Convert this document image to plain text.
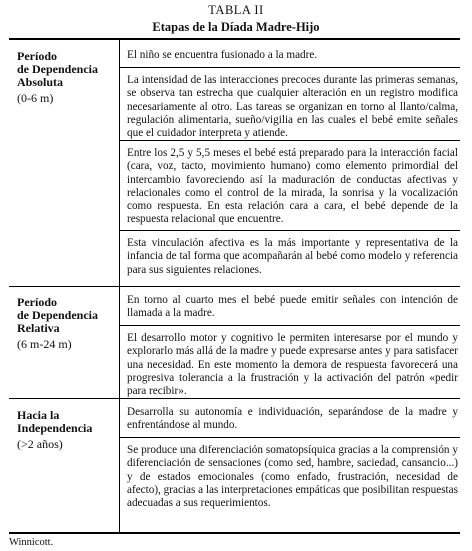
TABLA II
Etapas de la Díada Madre-Hijo
Período
de Dependencia
Absoluta
(0-6 m)

El niño se encuentra fusionado a la madre.

La intensidad de las interacciones precoces durante las primeras semanas, se observa tan estrecha que cualquier alteración en un registro modifica necesariamente al otro. Las tareas se organizan en torno al llanto/calma, regulación alimentaria, sueño/vigilia en las cuales el bebé emite señales que el cuidador interpreta y atiende.

Entre los 2,5 y 5,5 meses el bebé está preparado para la interacción facial (cara, voz, tacto, movimiento humano) como elemento primordial del intercambio favoreciendo así la maduración de conductas afectivas y relacionales como el control de la mirada, la sonrisa y la vocalización como respuesta. En esta relación cara a cara, el bebé depende de la respuesta relacional que encuentre.

Esta vinculación afectiva es la más importante y representativa de la infancia de tal forma que acompañarán al bebé como modelo y referencia para sus siguientes relaciones.

Período
de Dependencia
Relativa
(6 m-24 m)

En torno al cuarto mes el bebé puede emitir señales con intención de llamada a la madre.

El desarrollo motor y cognitivo le permiten interesarse por el mundo y explorarlo más allá de la madre y puede expresarse antes y para satisfacer una necesidad. En este momento la demora de respuesta favorecerá una progresiva tolerancia a la frustración y la activación del patrón «pedir para recibir».

Hacia la
Independencia
(>2 años)

Desarrolla su autonomía e individuación, separándose de la madre y enfrentándose al mundo.

Se produce una diferenciación somatopsíquica gracias a la comprensión y diferenciación de sensaciones (como sed, hambre, saciedad, cansancio...) y de estados emocionales (como enfado, frustración, necesidad de afecto), gracias a las interpretaciones empáticas que posibilitan respuestas adecuadas a sus requerimientos.

Winnicott.
